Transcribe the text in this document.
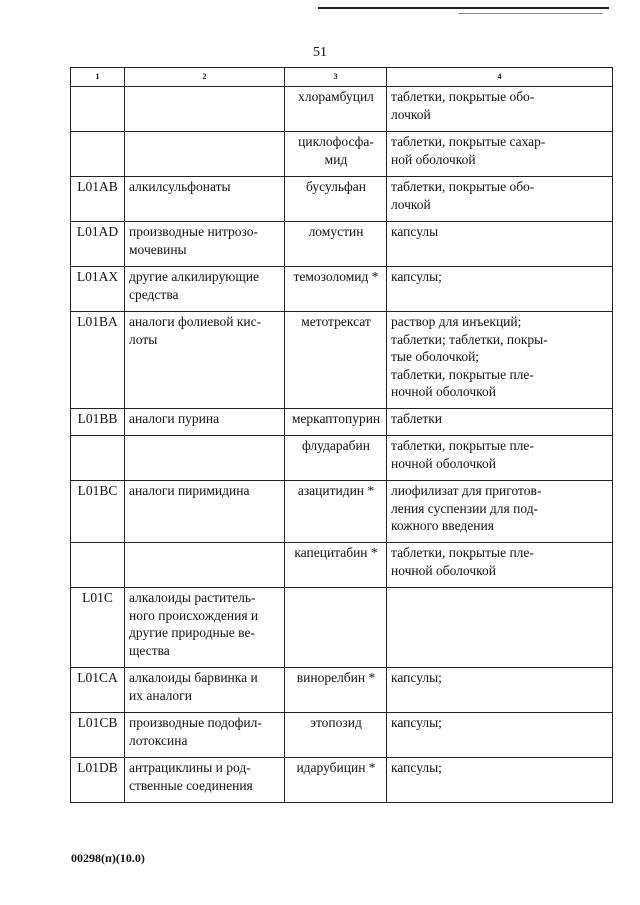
51
1	2	3	4
		хлорамбуцил	таблетки, покрытые обо-
лочкой
		циклофосфа-
мид	таблетки, покрытые сахар-
ной оболочкой
L01AB	алкилсульфонаты	бусульфан	таблетки, покрытые обо-
лочкой
L01AD	производные нитрозо-
мочевины	ломустин	капсулы
L01AX	другие алкилирующие
средства	темозоломид *	капсулы;
L01BA	аналоги фолиевой кис-
лоты	метотрексат	раствор для инъекций;
таблетки; таблетки, покры-
тые оболочкой;
таблетки, покрытые пле-
ночной оболочкой
L01BB	аналоги пурина	меркаптопурин	таблетки
		флударабин	таблетки, покрытые пле-
ночной оболочкой
L01BC	аналоги пиримидина	азацитидин *	лиофилизат для приготов-
ления суспензии для под-
кожного введения
		капецитабин *	таблетки, покрытые пле-
ночной оболочкой
L01C	алкалоиды раститель-
ного происхождения и
другие природные ве-
щества		
L01CA	алкалоиды барвинка и
их аналоги	винорелбин *	капсулы;
L01CB	производные подофил-
лотоксина	этопозид	капсулы;
L01DB	антрациклины и род-
ственные соединения	идарубицин *	капсулы;
00298(п)(10.0)
